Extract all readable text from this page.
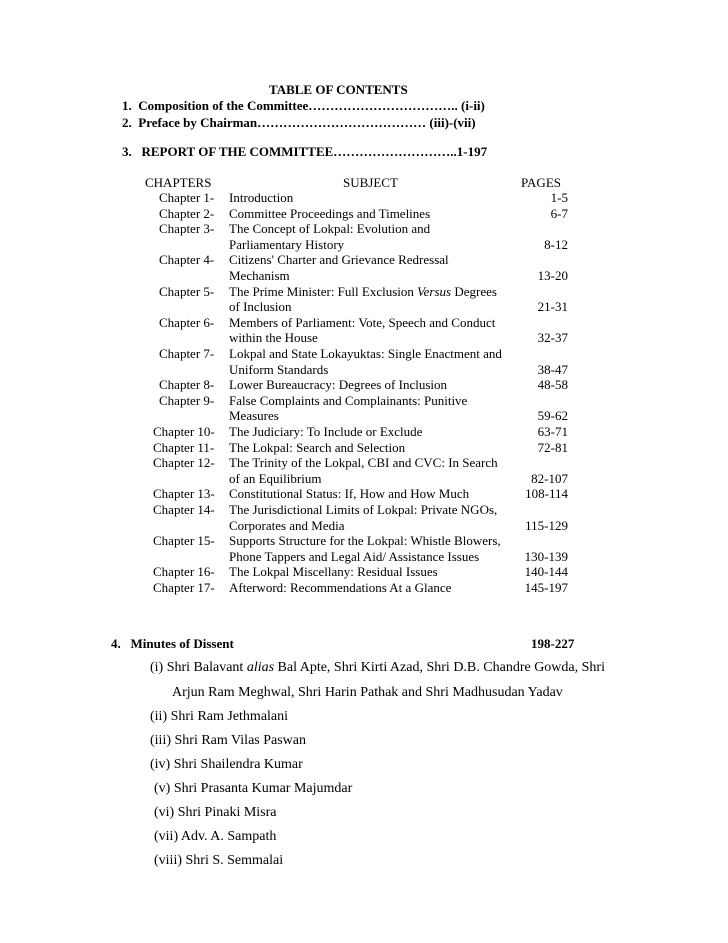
TABLE OF CONTENTS
1. Composition of the Committee…………………………….. (i-ii)
2. Preface by Chairman………………………………… (iii)-(vii)
3. REPORT OF THE COMMITTEE………………………..1-197
CHAPTERS	SUBJECT	PAGES
Chapter 1- Introduction	1-5
Chapter 2- Committee Proceedings and Timelines	6-7
Chapter 3- The Concept of Lokpal: Evolution and
Parliamentary History	8-12
Chapter 4- Citizens' Charter and Grievance Redressal
Mechanism	13-20
Chapter 5- The Prime Minister: Full Exclusion Versus Degrees
of Inclusion	21-31
Chapter 6- Members of Parliament: Vote, Speech and Conduct
within the House	32-37
Chapter 7- Lokpal and State Lokayuktas: Single Enactment and
Uniform Standards	38-47
Chapter 8- Lower Bureaucracy: Degrees of Inclusion	48-58
Chapter 9- False Complaints and Complainants: Punitive
Measures	59-62
Chapter 10- The Judiciary: To Include or Exclude	63-71
Chapter 11- The Lokpal: Search and Selection	72-81
Chapter 12- The Trinity of the Lokpal, CBI and CVC: In Search
of an Equilibrium	82-107
Chapter 13- Constitutional Status: If, How and How Much	108-114
Chapter 14- The Jurisdictional Limits of Lokpal: Private NGOs,
Corporates and Media	115-129
Chapter 15- Supports Structure for the Lokpal: Whistle Blowers,
Phone Tappers and Legal Aid/ Assistance Issues	130-139
Chapter 16- The Lokpal Miscellany: Residual Issues	140-144
Chapter 17- Afterword: Recommendations At a Glance	145-197
4. Minutes of Dissent	198-227
(i) Shri Balavant alias Bal Apte, Shri Kirti Azad, Shri D.B. Chandre Gowda, Shri
Arjun Ram Meghwal, Shri Harin Pathak and Shri Madhusudan Yadav
(ii) Shri Ram Jethmalani
(iii) Shri Ram Vilas Paswan
(iv) Shri Shailendra Kumar
(v) Shri Prasanta Kumar Majumdar
(vi) Shri Pinaki Misra
(vii) Adv. A. Sampath
(viii) Shri S. Semmalai
